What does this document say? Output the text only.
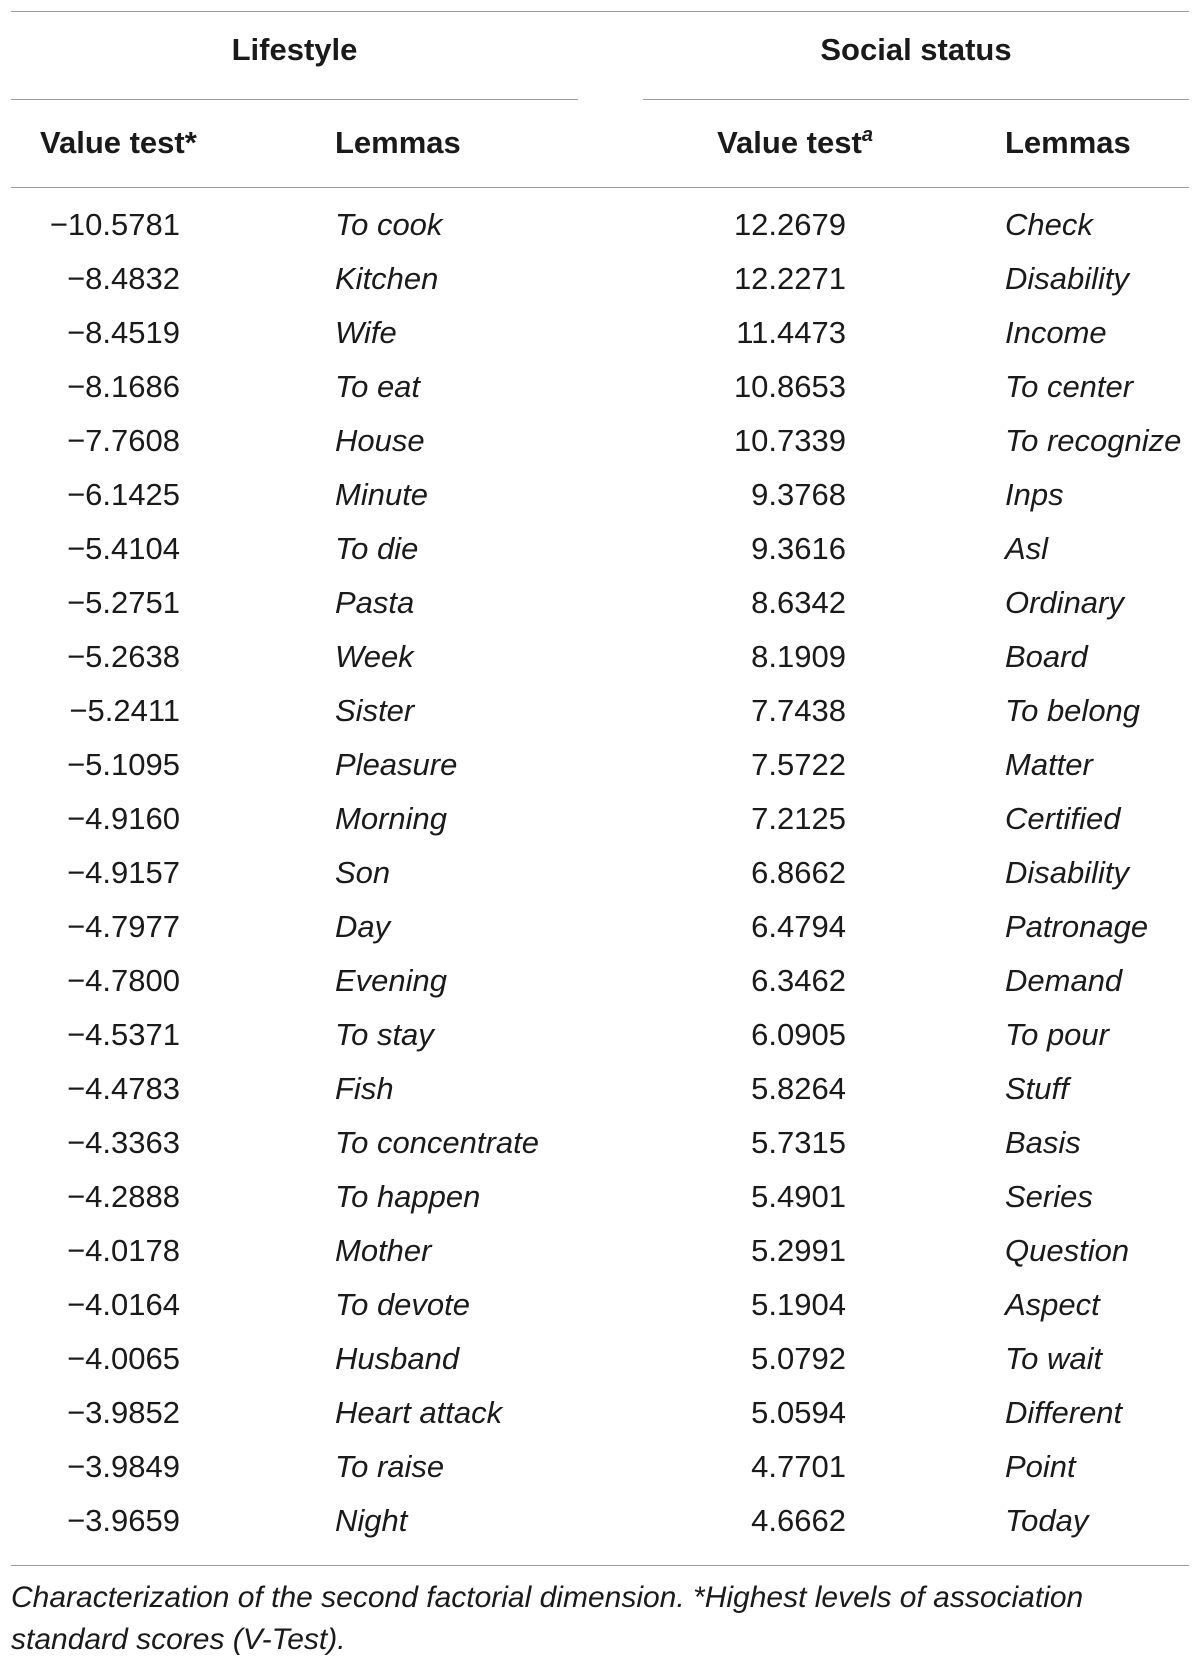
Lifestyle	Social status
Value test*	Lemmas	Value test$^a$	Lemmas
−10.5781	To cook	12.2679	Check
−8.4832	Kitchen	12.2271	Disability
−8.4519	Wife	11.4473	Income
−8.1686	To eat	10.8653	To center
−7.7608	House	10.7339	To recognize
−6.1425	Minute	9.3768	Inps
−5.4104	To die	9.3616	Asl
−5.2751	Pasta	8.6342	Ordinary
−5.2638	Week	8.1909	Board
−5.2411	Sister	7.7438	To belong
−5.1095	Pleasure	7.5722	Matter
−4.9160	Morning	7.2125	Certified
−4.9157	Son	6.8662	Disability
−4.7977	Day	6.4794	Patronage
−4.7800	Evening	6.3462	Demand
−4.5371	To stay	6.0905	To pour
−4.4783	Fish	5.8264	Stuff
−4.3363	To concentrate	5.7315	Basis
−4.2888	To happen	5.4901	Series
−4.0178	Mother	5.2991	Question
−4.0164	To devote	5.1904	Aspect
−4.0065	Husband	5.0792	To wait
−3.9852	Heart attack	5.0594	Different
−3.9849	To raise	4.7701	Point
−3.9659	Night	4.6662	Today
Characterization of the second factorial dimension. *Highest levels of association standard scores (V-Test).
